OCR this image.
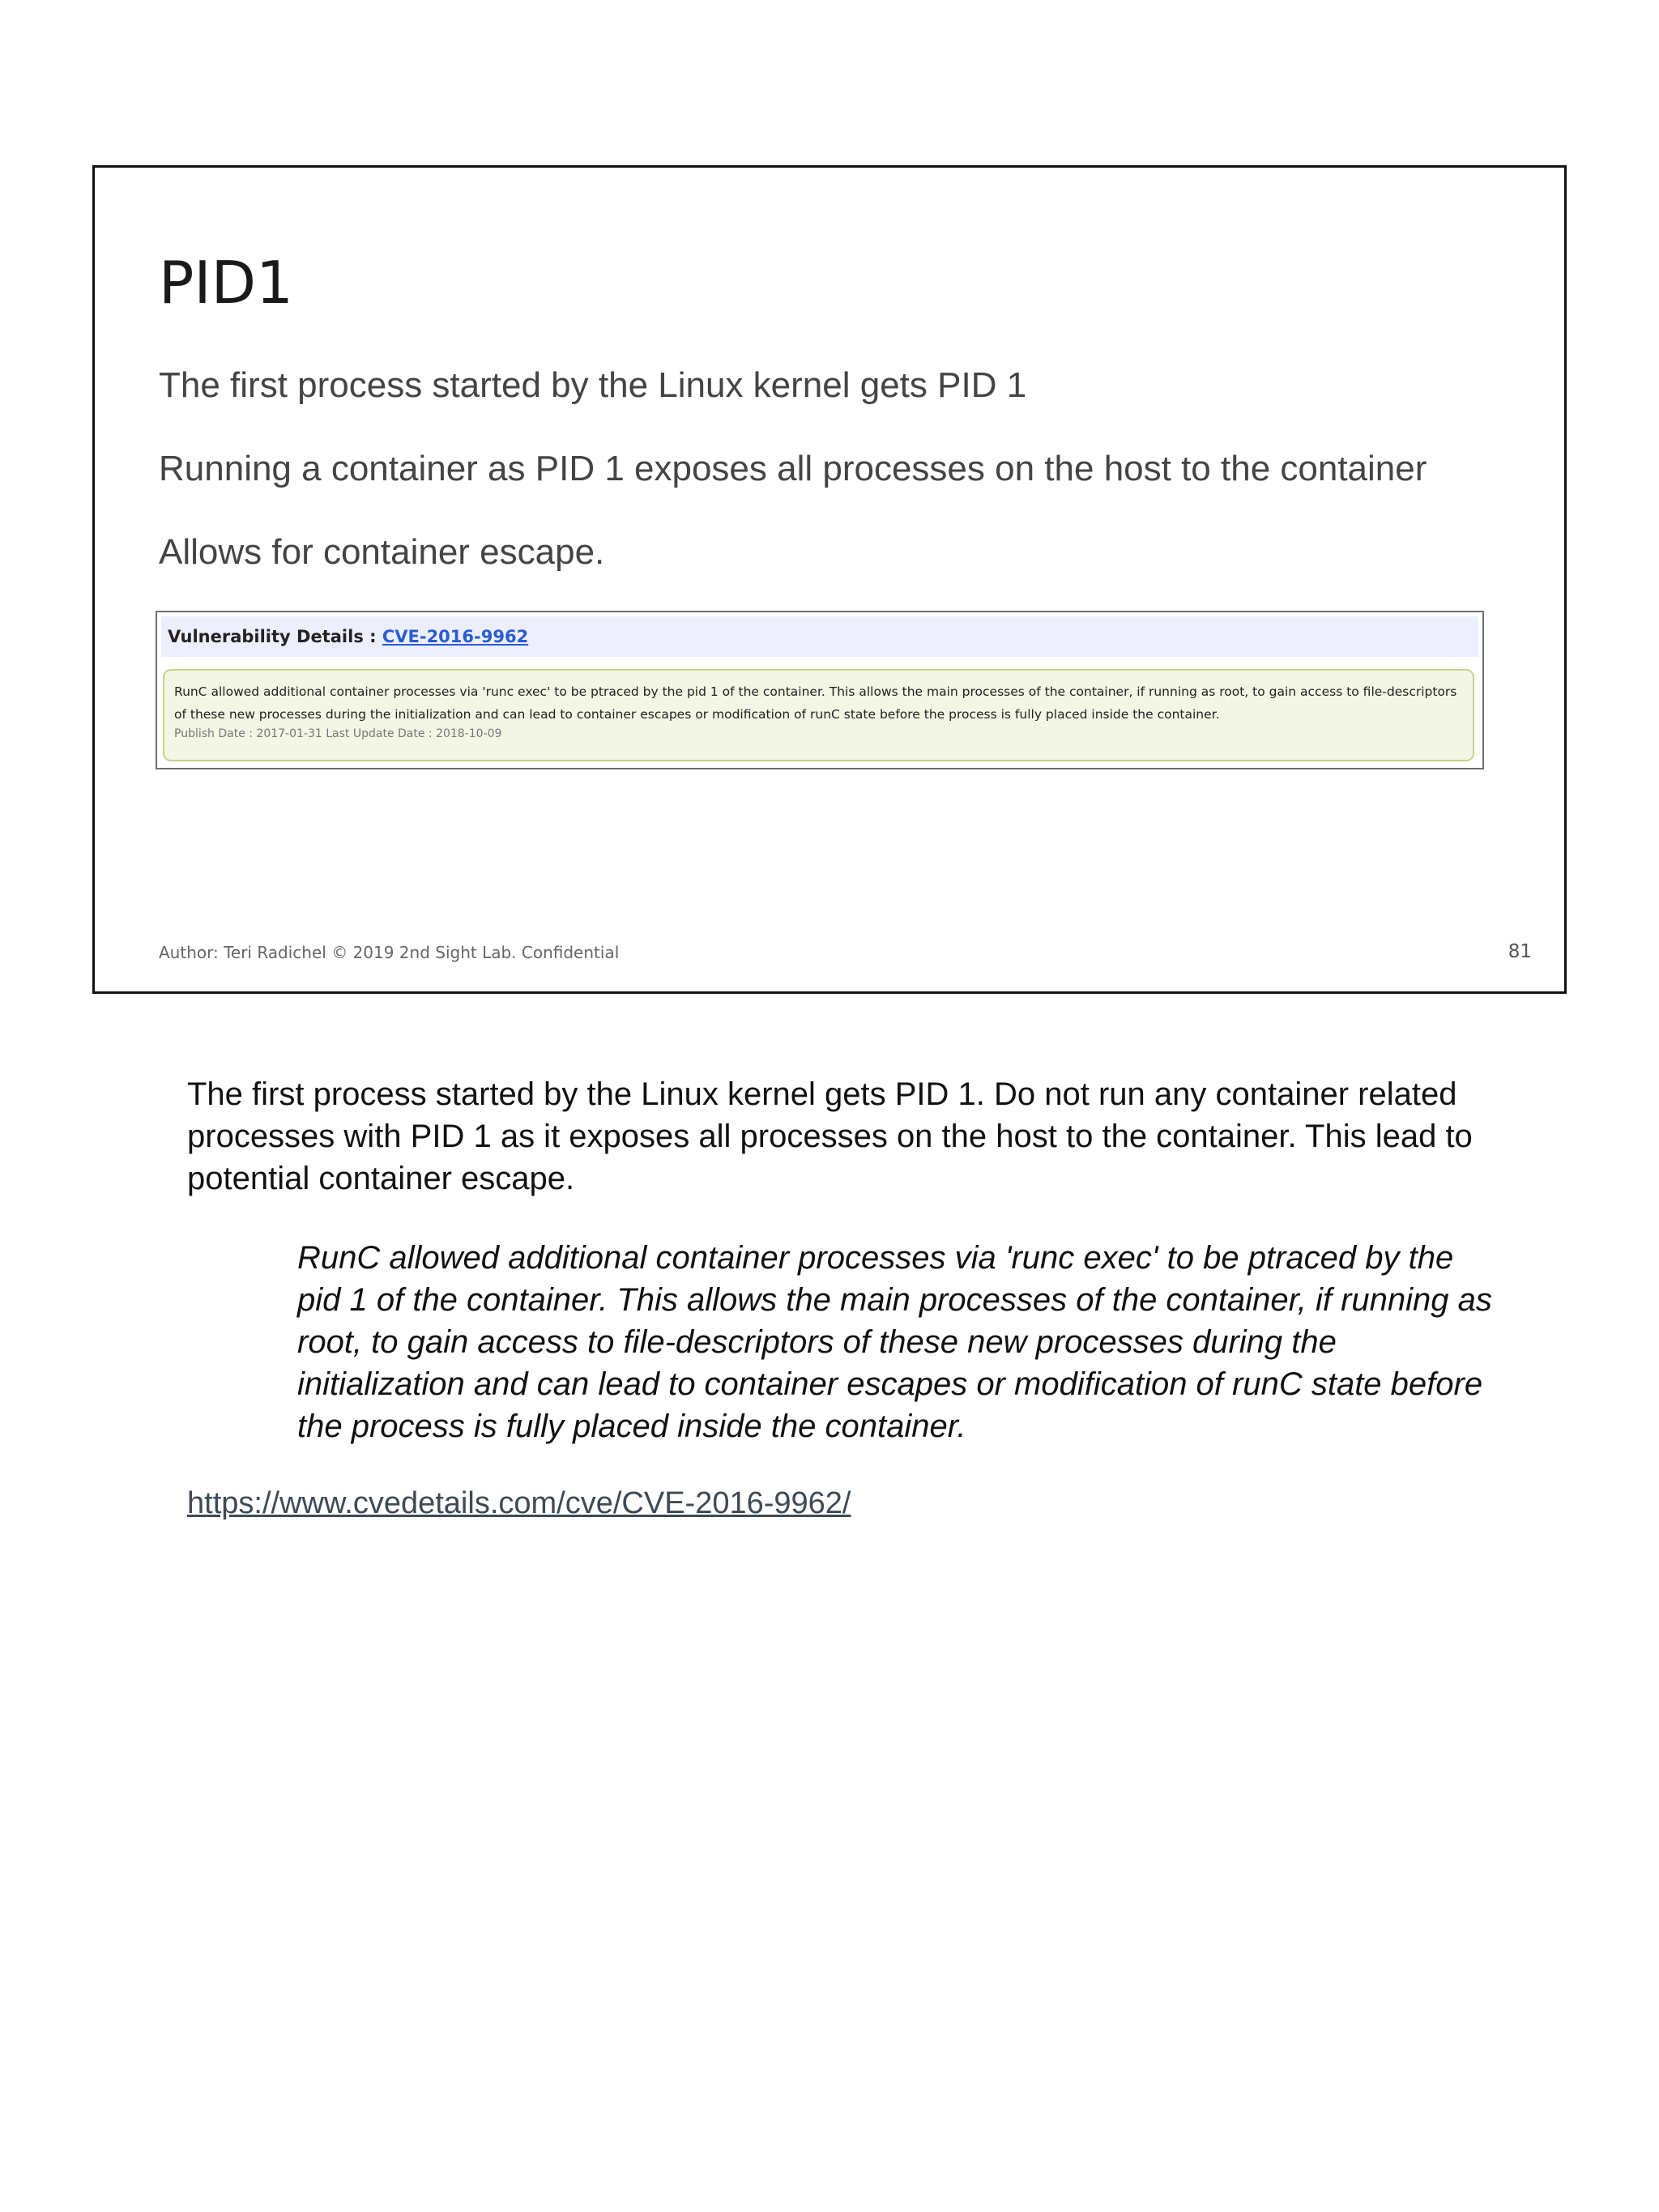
PID1

The first process started by the Linux kernel gets PID 1

Running a container as PID 1 exposes all processes on the host to the container

Allows for container escape.

Vulnerability Details : CVE-2016-9962

RunC allowed additional container processes via 'runc exec' to be ptraced by the pid 1 of the container. This allows the main processes of the container, if running as root, to gain access to file-descriptors of these new processes during the initialization and can lead to container escapes or modification of runC state before the process is fully placed inside the container.

Publish Date : 2017-01-31 Last Update Date : 2018-10-09

Author: Teri Radichel © 2019 2nd Sight Lab. Confidential	81

The first process started by the Linux kernel gets PID 1. Do not run any container related processes with PID 1 as it exposes all processes on the host to the container. This lead to potential container escape.

RunC allowed additional container processes via 'runc exec' to be ptraced by the pid 1 of the container. This allows the main processes of the container, if running as root, to gain access to file-descriptors of these new processes during the initialization and can lead to container escapes or modification of runC state before the process is fully placed inside the container.

https://www.cvedetails.com/cve/CVE-2016-9962/
